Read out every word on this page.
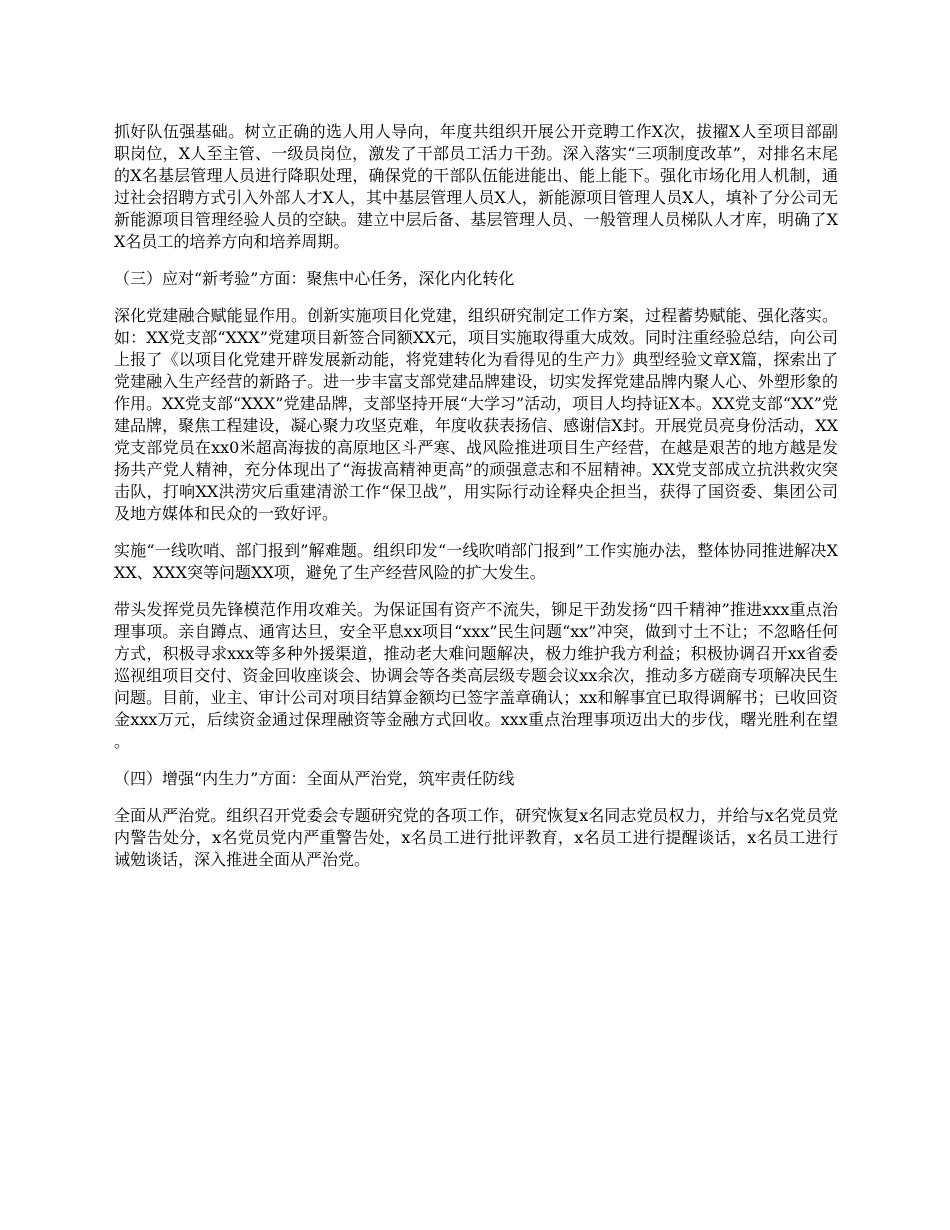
抓好队伍强基础。树立正确的选人用人导向，年度共组织开展公开竞聘工作X次，拔擢X人至项目部副职岗位，X人至主管、一级员岗位，激发了干部员工活力干劲。深入落实“三项制度改革”，对排名末尾的X名基层管理人员进行降职处理，确保党的干部队伍能进能出、能上能下。强化市场化用人机制，通过社会招聘方式引入外部人才X人，其中基层管理人员X人，新能源项目管理人员X人，填补了分公司无新能源项目管理经验人员的空缺。建立中层后备、基层管理人员、一般管理人员梯队人才库，明确了XX名员工的培养方向和培养周期。

（三）应对“新考验”方面：聚焦中心任务，深化内化转化

深化党建融合赋能显作用。创新实施项目化党建，组织研究制定工作方案，过程蓄势赋能、强化落实。如：XX党支部“XXX”党建项目新签合同额XX元，项目实施取得重大成效。同时注重经验总结，向公司上报了《以项目化党建开辟发展新动能，将党建转化为看得见的生产力》典型经验文章X篇，探索出了党建融入生产经营的新路子。进一步丰富支部党建品牌建设，切实发挥党建品牌内聚人心、外塑形象的作用。XX党支部“XXX”党建品牌，支部坚持开展“大学习”活动，项目人均持证X本。XX党支部“XX”党建品牌，聚焦工程建设，凝心聚力攻坚克难，年度收获表扬信、感谢信X封。开展党员亮身份活动，XX党支部党员在xx0米超高海拔的高原地区斗严寒、战风险推进项目生产经营，在越是艰苦的地方越是发扬共产党人精神，充分体现出了“海拔高精神更高”的顽强意志和不屈精神。XX党支部成立抗洪救灾突击队，打响XX洪涝灾后重建清淤工作“保卫战”，用实际行动诠释央企担当，获得了国资委、集团公司及地方媒体和民众的一致好评。

实施“一线吹哨、部门报到”解难题。组织印发“一线吹哨部门报到”工作实施办法，整体协同推进解决XXX、XXX突等问题XX项，避免了生产经营风险的扩大发生。

带头发挥党员先锋模范作用攻难关。为保证国有资产不流失，铆足干劲发扬“四千精神”推进xxx重点治理事项。亲自蹲点、通宵达旦，安全平息xx项目“xxx”民生问题“xx”冲突，做到寸土不让；不忽略任何方式，积极寻求xxx等多种外援渠道，推动老大难问题解决，极力维护我方利益；积极协调召开xx省委巡视组项目交付、资金回收座谈会、协调会等各类高层级专题会议xx余次，推动多方磋商专项解决民生问题。目前，业主、审计公司对项目结算金额均已签字盖章确认；xx和解事宜已取得调解书；已收回资金xxx万元，后续资金通过保理融资等金融方式回收。xxx重点治理事项迈出大的步伐，曙光胜利在望。

（四）增强“内生力”方面：全面从严治党，筑牢责任防线

全面从严治党。组织召开党委会专题研究党的各项工作，研究恢复x名同志党员权力，并给与x名党员党内警告处分，x名党员党内严重警告处，x名员工进行批评教育，x名员工进行提醒谈话，x名员工进行诫勉谈话，深入推进全面从严治党。
